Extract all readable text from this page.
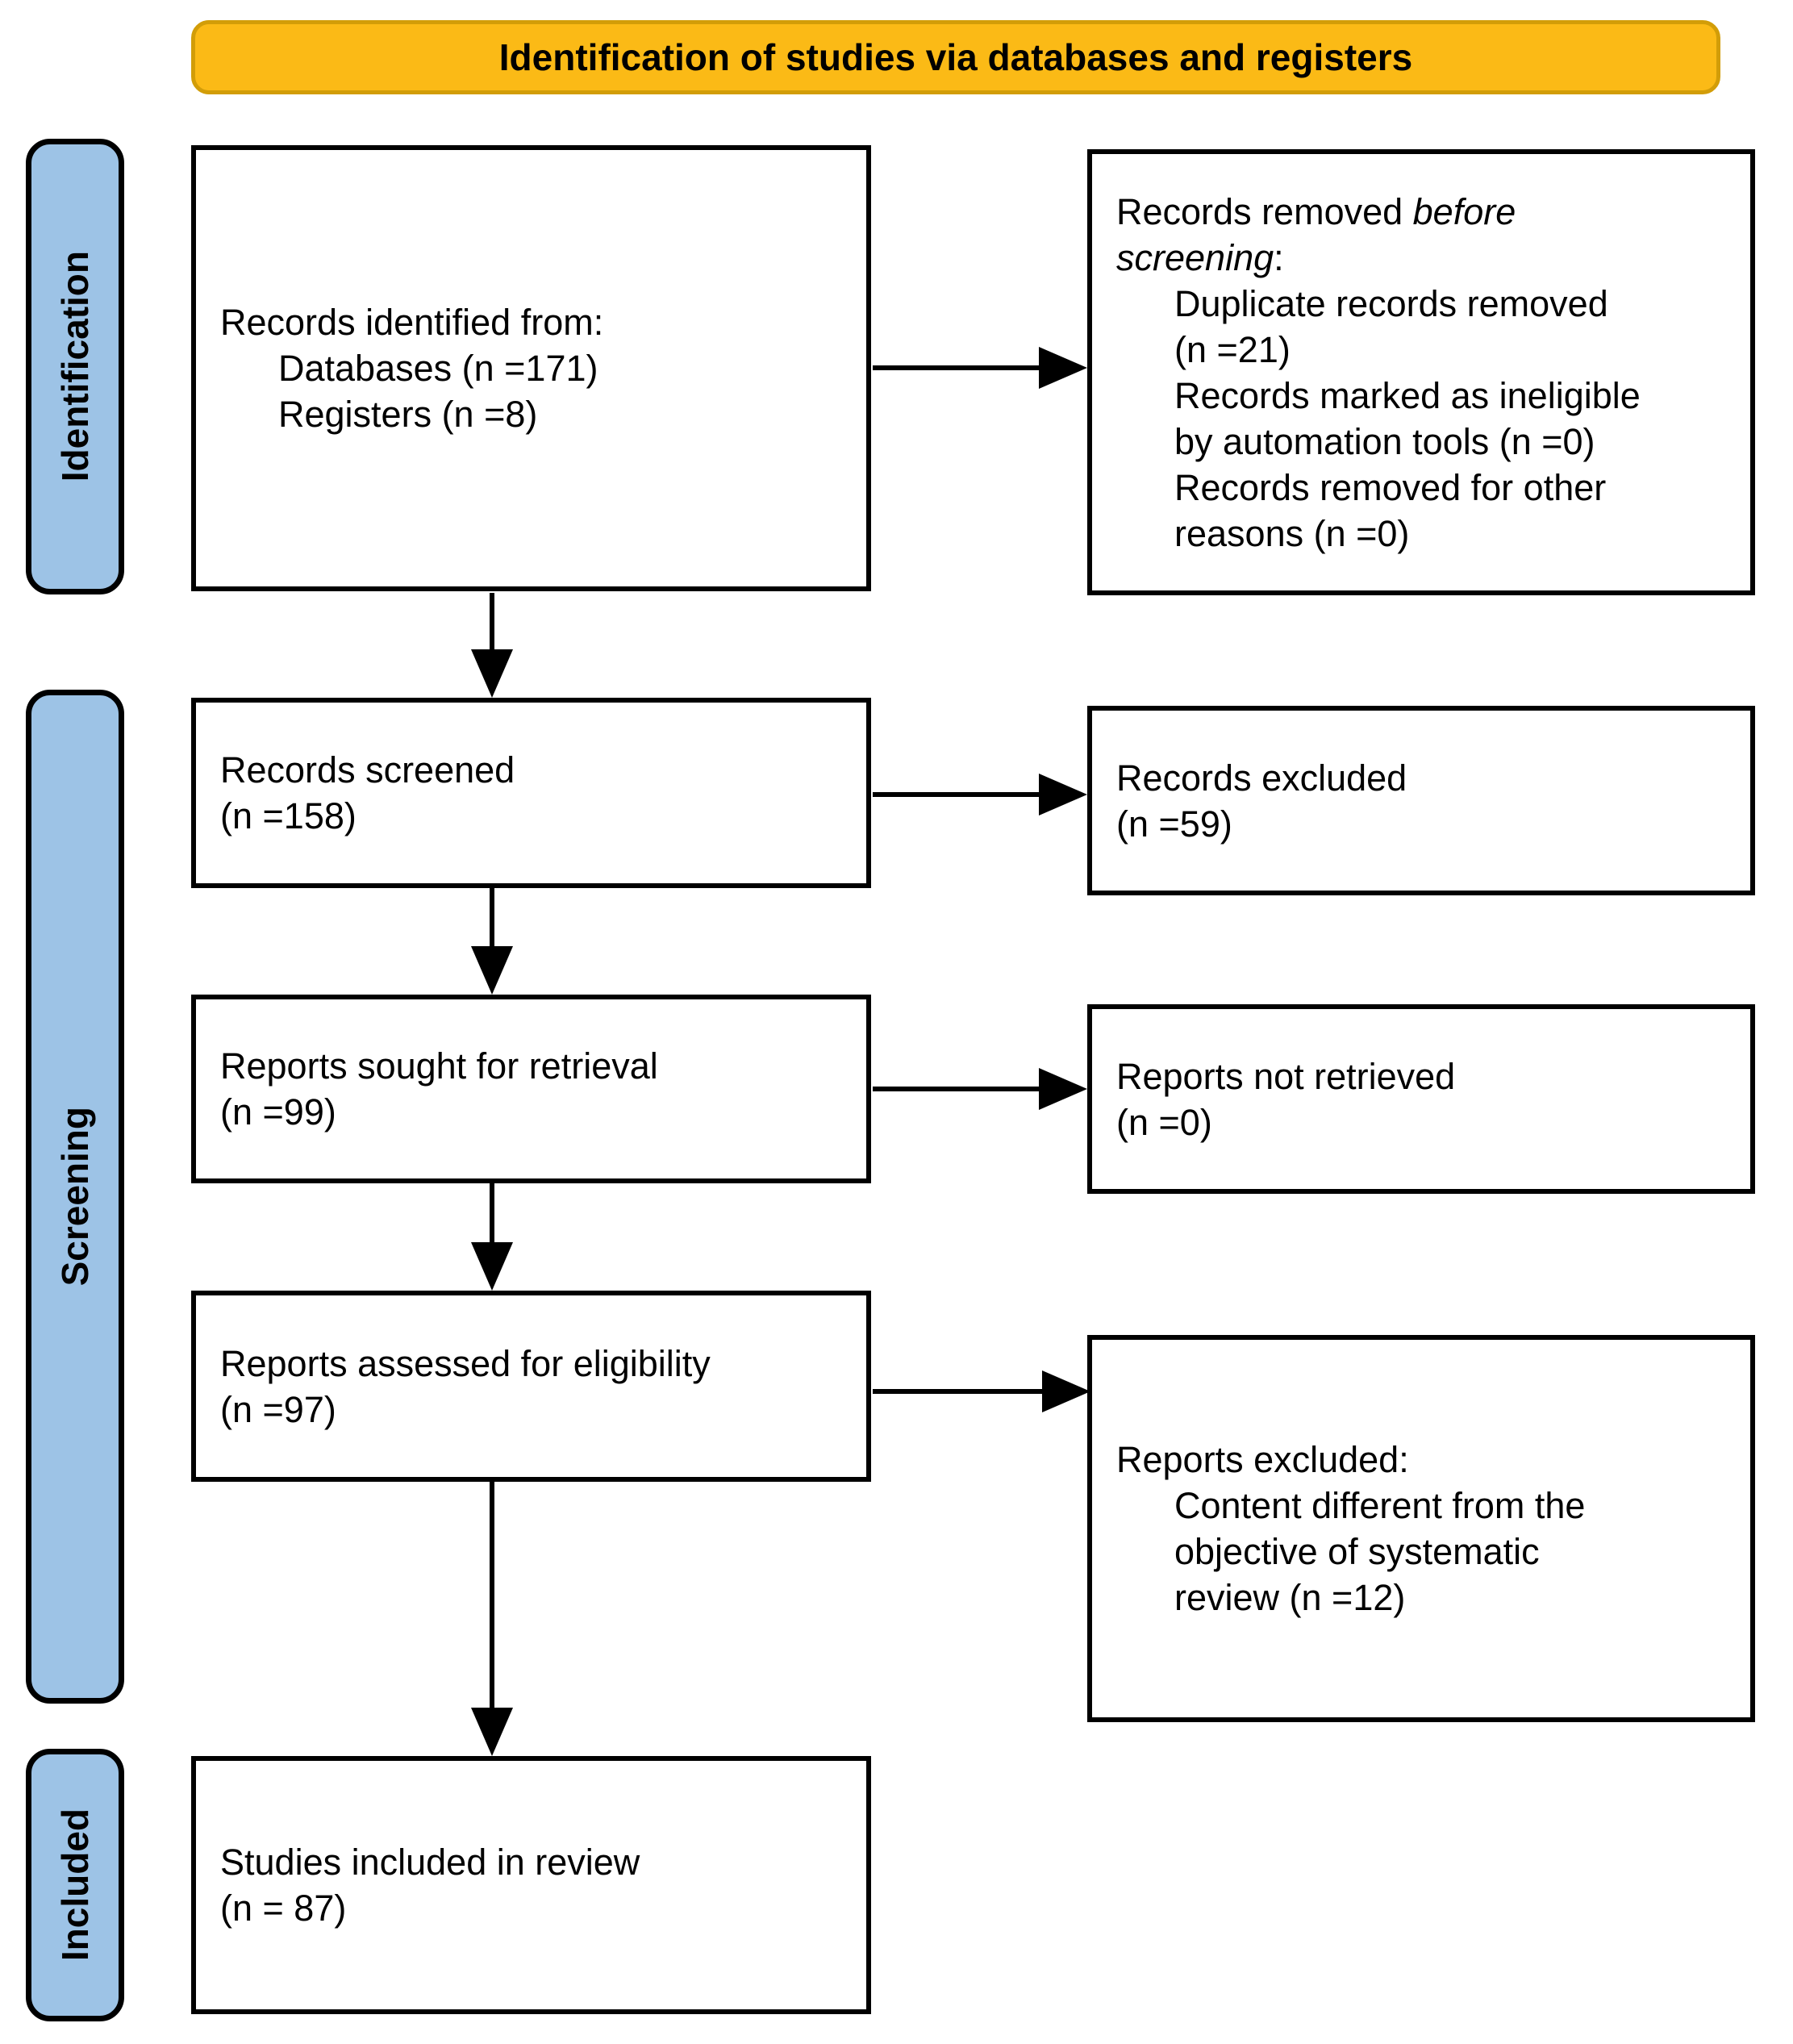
Identification of studies via databases and registers
Identification
Screening
Included
Records identified from:
Databases (n =171)
Registers (n =8)
Records removed before
screening:
Duplicate records removed
(n =21)
Records marked as ineligible
by automation tools (n =0)
Records removed for other
reasons (n =0)
Records screened
(n =158)
Records excluded
(n =59)
Reports sought for retrieval
(n =99)
Reports not retrieved
(n =0)
Reports assessed for eligibility
(n =97)
Reports excluded:
Content different from the
objective of systematic
review (n =12)
Studies included in review
(n = 87)
